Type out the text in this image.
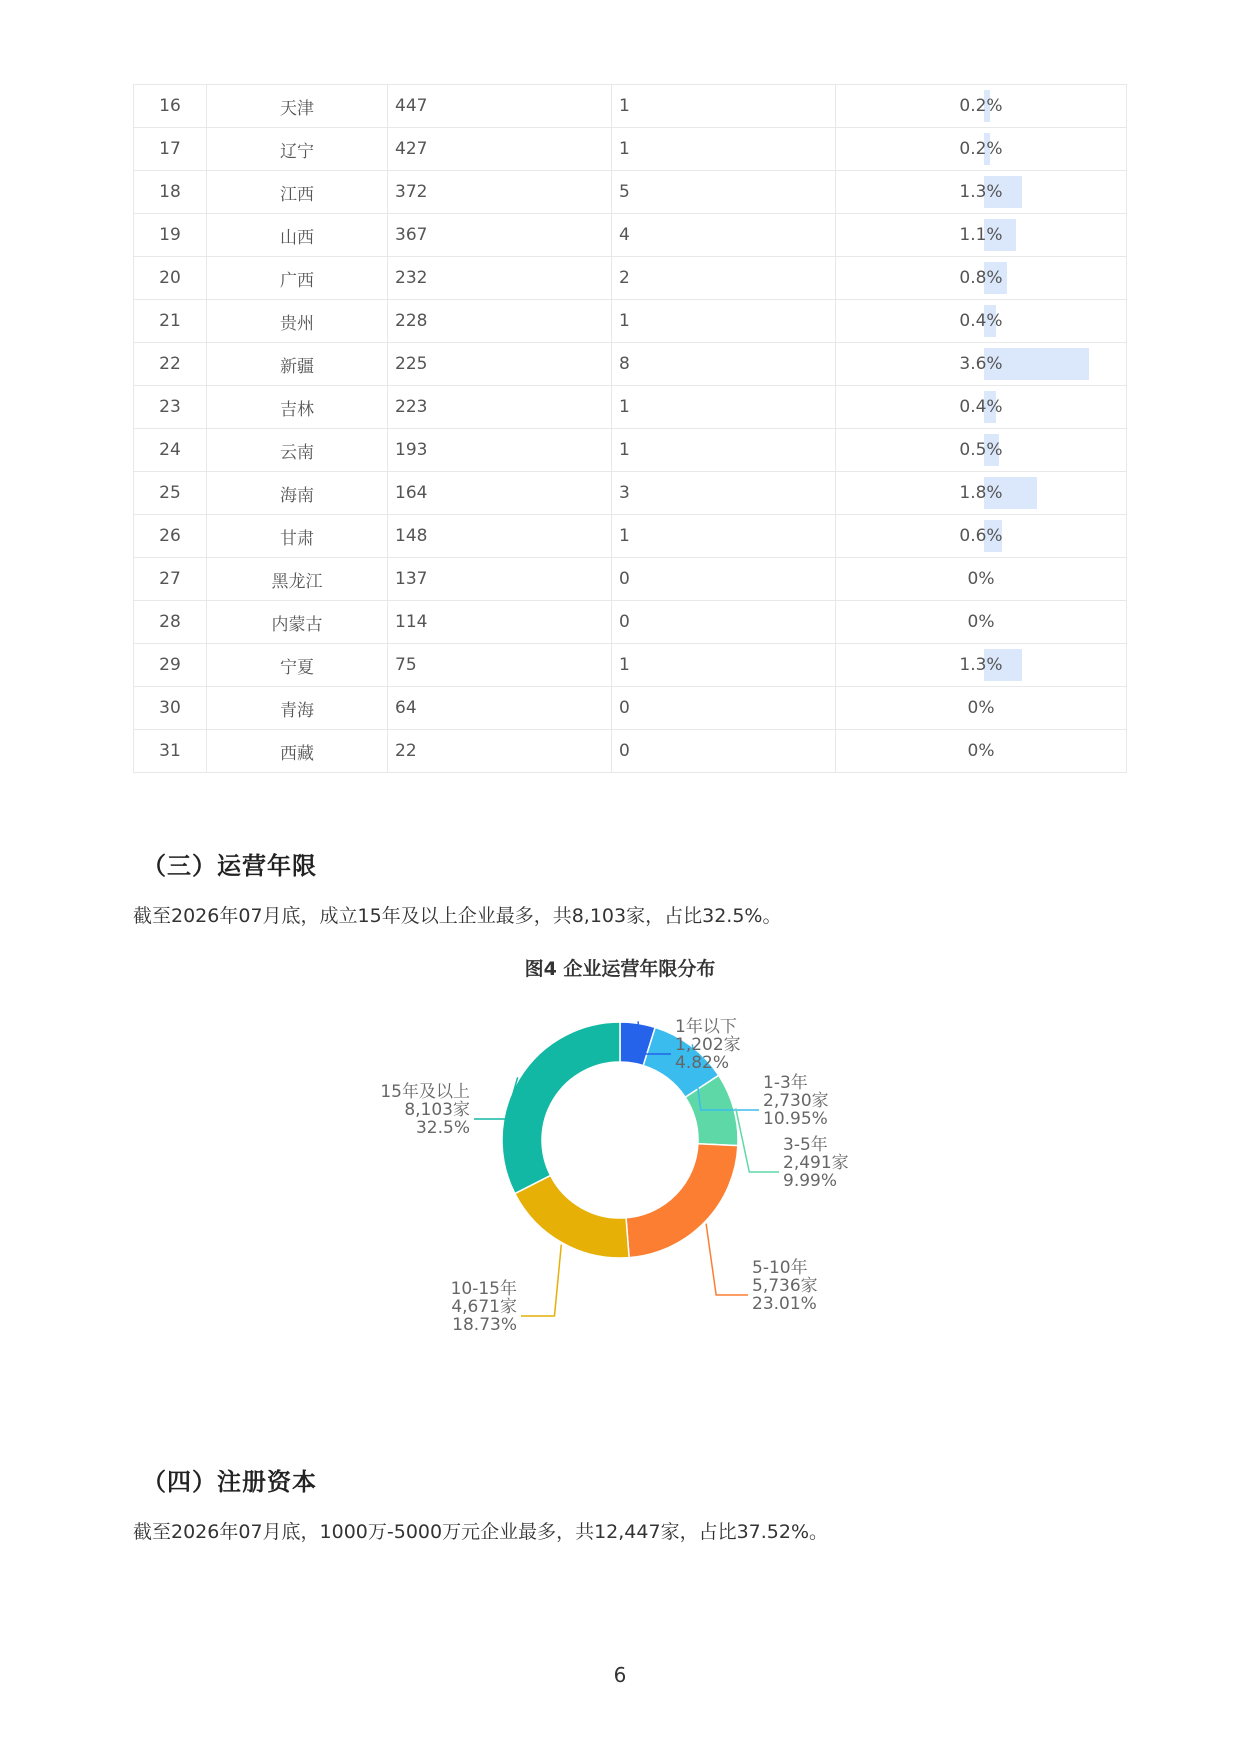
16	天津	447	1	0.2%

17	辽宁	427	1	0.2%

18	江西	372	5	1.3%

19	山西	367	4	1.1%

20	广西	232	2	0.8%

21	贵州	228	1	0.4%

22	新疆	225	8	3.6%

23	吉林	223	1	0.4%

24	云南	193	1	0.5%

25	海南	164	3	1.8%

26	甘肃	148	1	0.6%

27	黑龙江	137	0	0%

28	内蒙古	114	0	0%

29	宁夏	75	1	1.3%

30	青海	64	0	0%

31	西藏	22	0	0%
（三）运营年限

截至2026年07月底，成立15年及以上企业最多，共8,103家，占比32.5%。

图4 企业运营年限分布
1年以下
1,202家
4.82%
1-3年
2,730家
10.95%
3-5年
2,491家
9.99%
5-10年
5,736家
23.01%
10-15年
4,671家
18.73%
15年及以上
8,103家
32.5%
（四）注册资本

截至2026年07月底，1000万-5000万元企业最多，共12,447家，占比37.52%。

6
